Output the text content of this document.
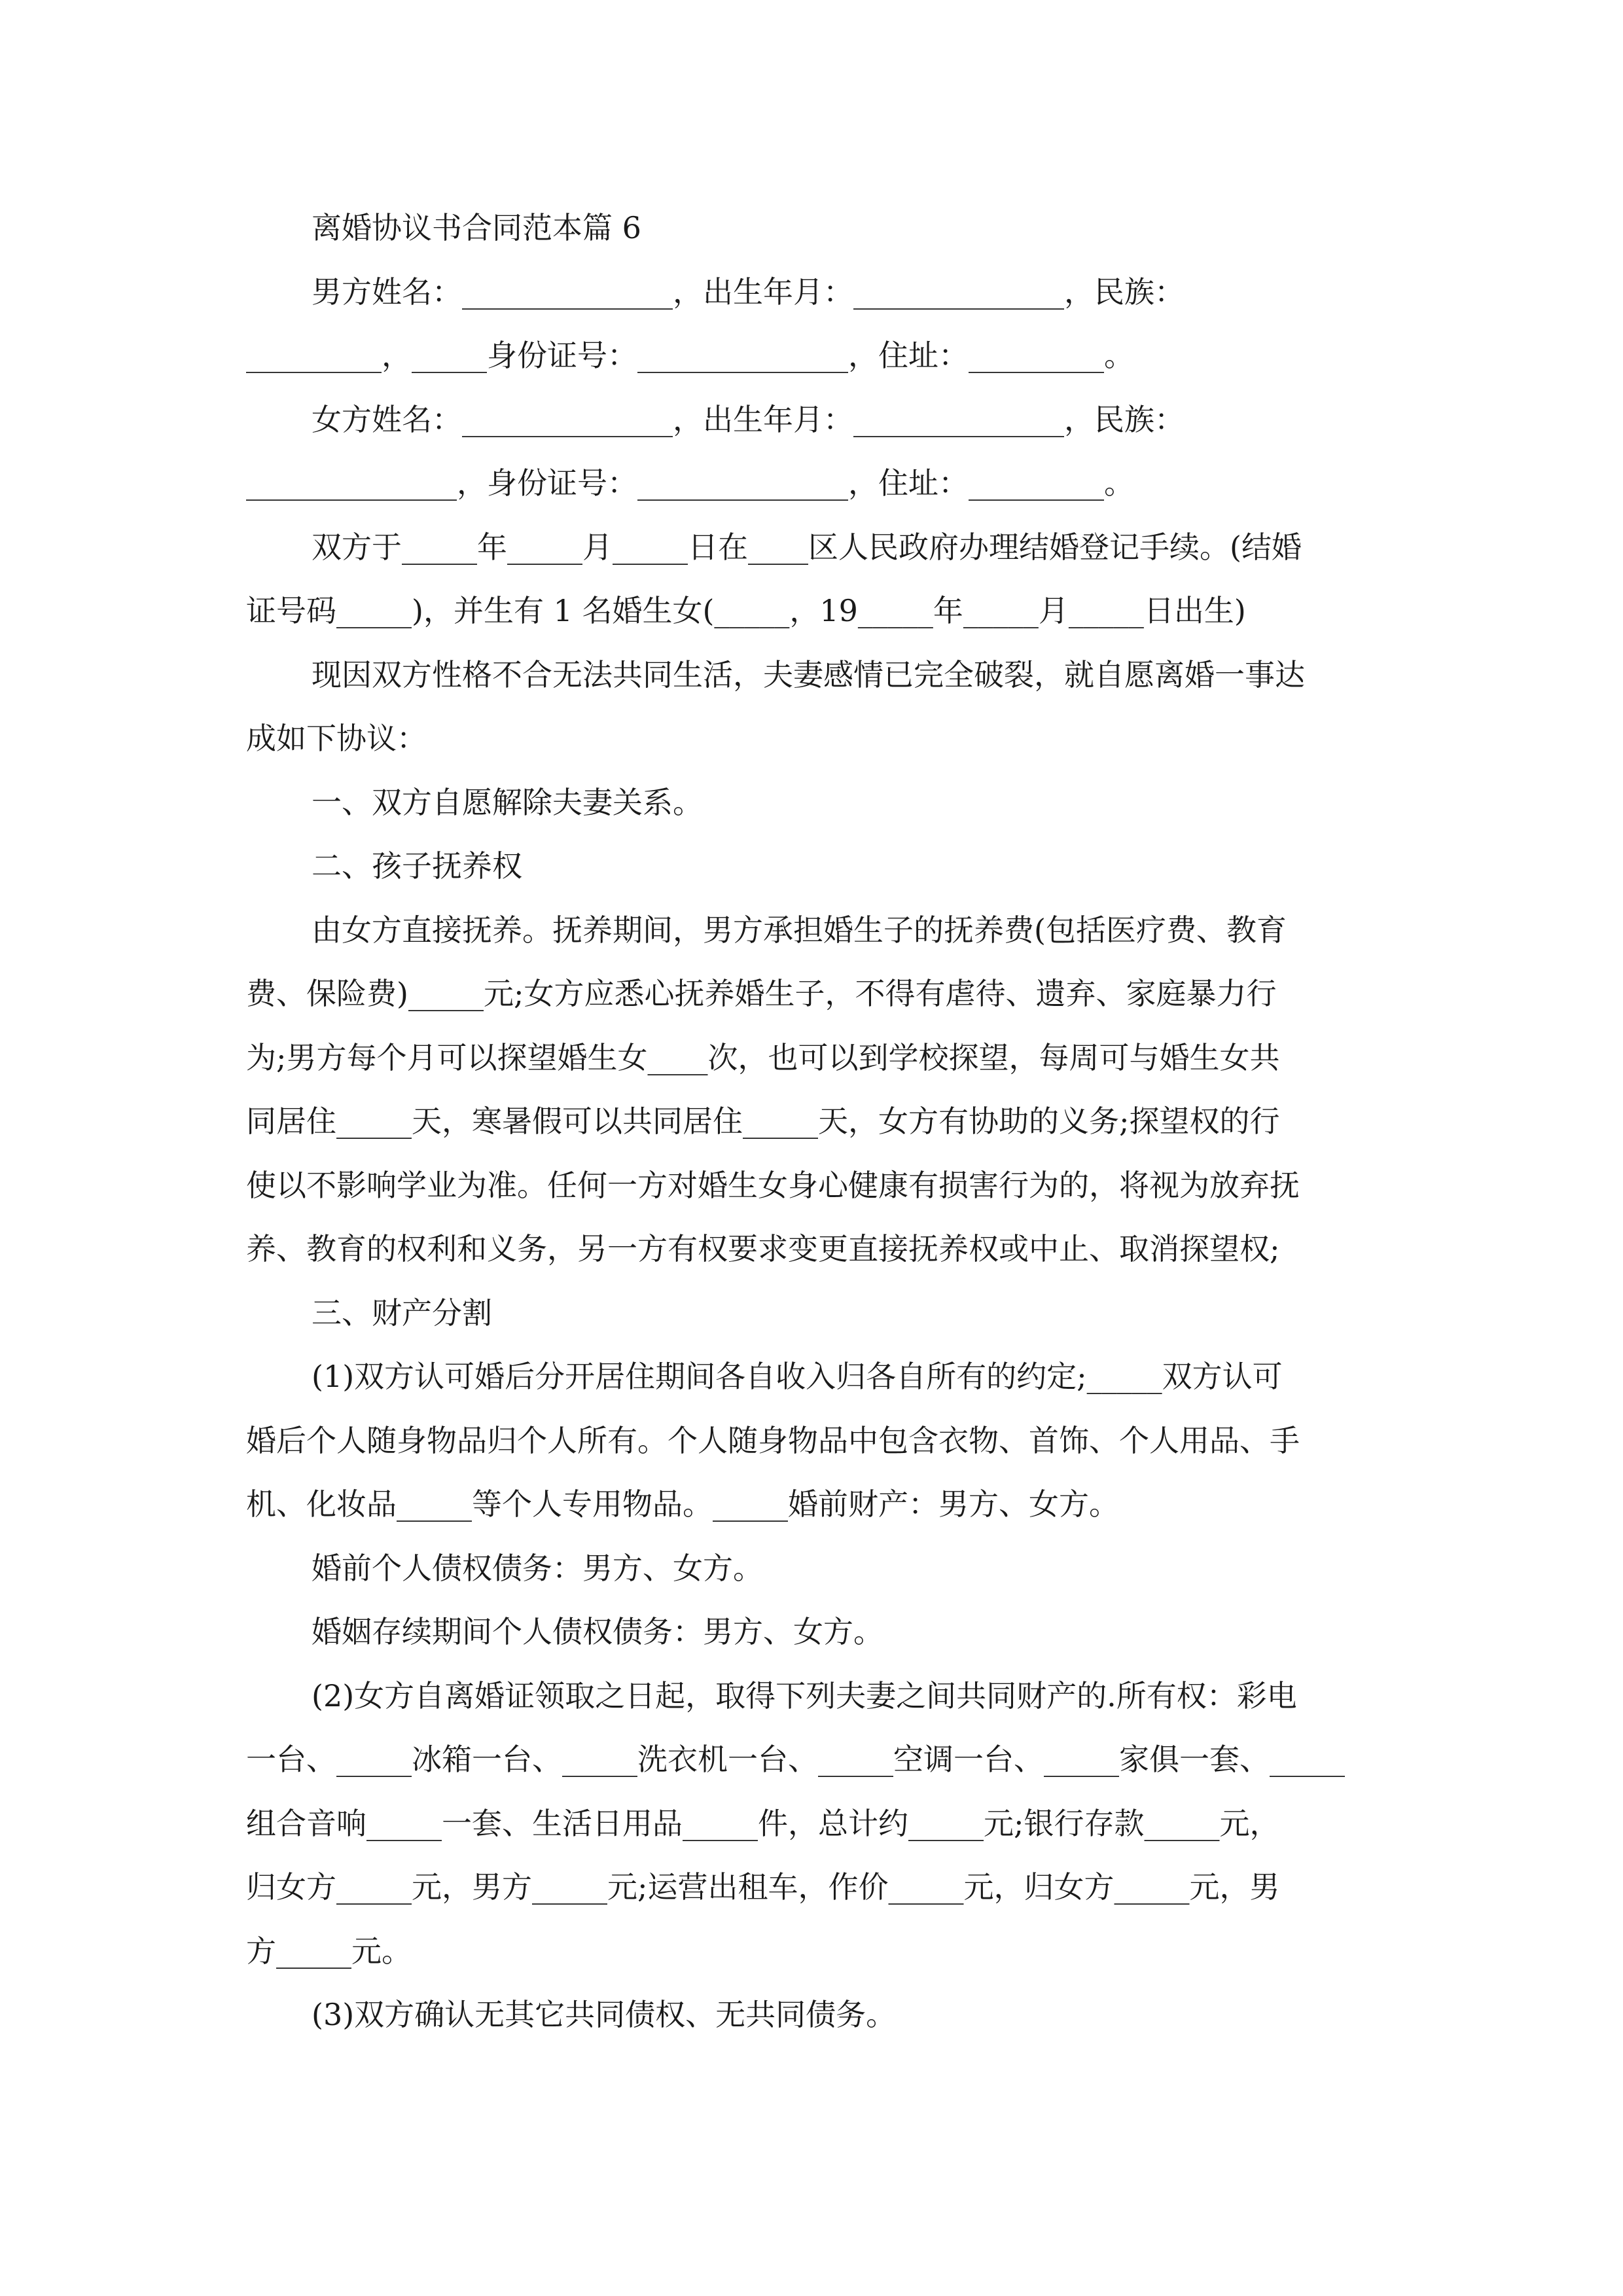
离婚协议书合同范本篇 6
男方姓名：______________，出生年月：______________，民族：
_________，_____身份证号：______________，住址：_________。
女方姓名：______________，出生年月：______________，民族：
______________，身份证号：______________，住址：_________。
双方于_____年_____月_____日在____区人民政府办理结婚登记手续。(结婚
证号码_____)，并生有 1 名婚生女(_____，19_____年_____月_____日出生)
现因双方性格不合无法共同生活，夫妻感情已完全破裂，就自愿离婚一事达
成如下协议：
一、双方自愿解除夫妻关系。
二、孩子抚养权
由女方直接抚养。抚养期间，男方承担婚生子的抚养费(包括医疗费、教育
费、保险费)_____元;女方应悉心抚养婚生子，不得有虐待、遗弃、家庭暴力行
为;男方每个月可以探望婚生女____次，也可以到学校探望，每周可与婚生女共
同居住_____天，寒暑假可以共同居住_____天，女方有协助的义务;探望权的行
使以不影响学业为准。任何一方对婚生女身心健康有损害行为的，将视为放弃抚
养、教育的权利和义务，另一方有权要求变更直接抚养权或中止、取消探望权;
三、财产分割
(1)双方认可婚后分开居住期间各自收入归各自所有的约定;_____双方认可
婚后个人随身物品归个人所有。个人随身物品中包含衣物、首饰、个人用品、手
机、化妆品_____等个人专用物品。_____婚前财产：男方、女方。
婚前个人债权债务：男方、女方。
婚姻存续期间个人债权债务：男方、女方。
(2)女方自离婚证领取之日起，取得下列夫妻之间共同财产的.所有权：彩电
一台、_____冰箱一台、_____洗衣机一台、_____空调一台、_____家俱一套、_____
组合音响_____一套、生活日用品_____件，总计约_____元;银行存款_____元，
归女方_____元，男方_____元;运营出租车，作价_____元，归女方_____元，男
方_____元。
(3)双方确认无其它共同债权、无共同债务。
